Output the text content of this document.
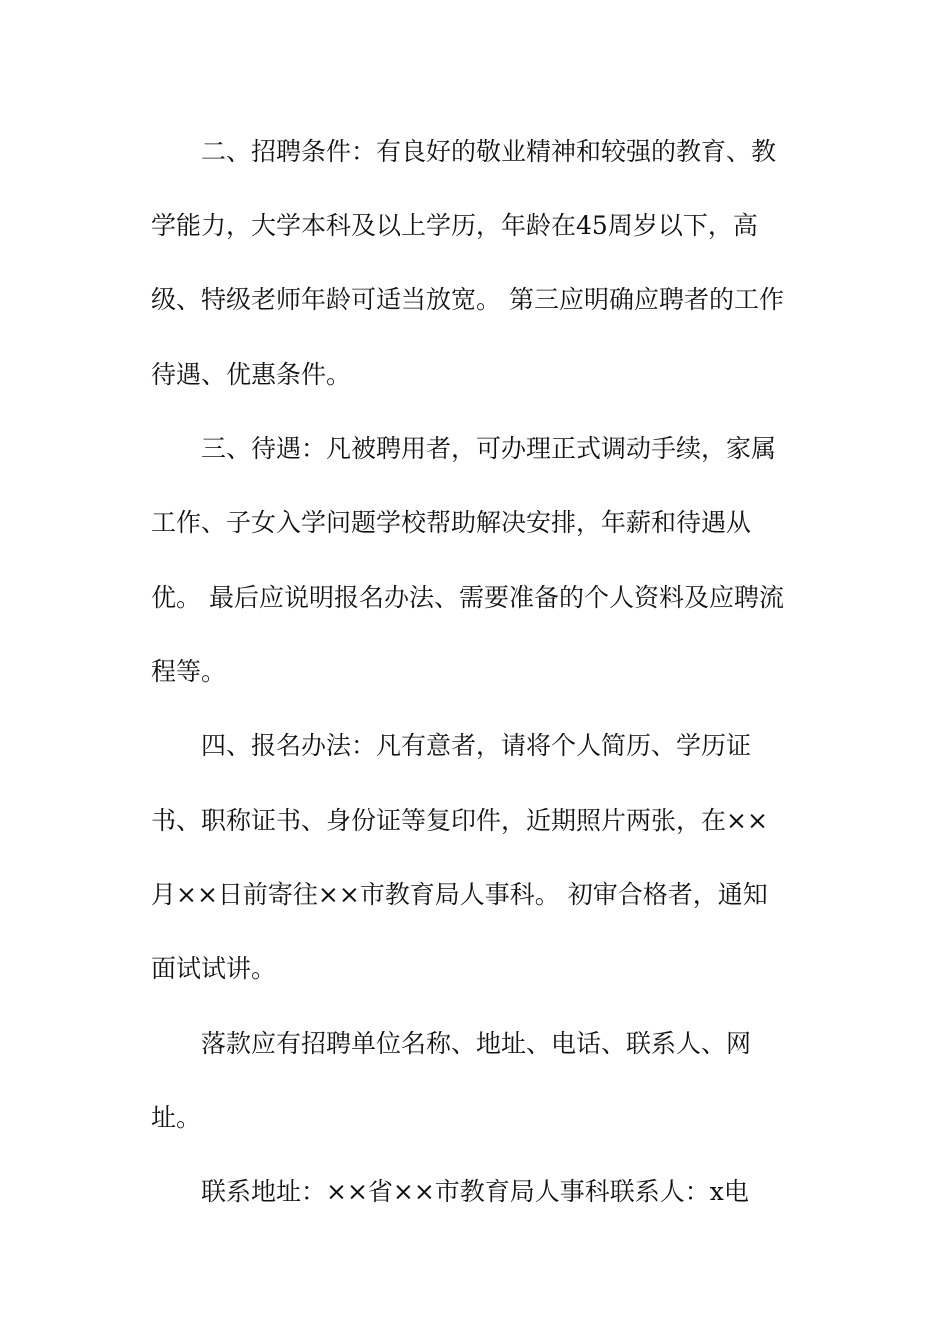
二、招聘条件：有良好的敬业精神和较强的教育、教
学能力，大学本科及以上学历，年龄在45周岁以下，高
级、特级老师年龄可适当放宽。 第三应明确应聘者的工作
待遇、优惠条件。
三、待遇：凡被聘用者，可办理正式调动手续，家属
工作、子女入学问题学校帮助解决安排，年薪和待遇从
优。 最后应说明报名办法、需要准备的个人资料及应聘流
程等。
四、报名办法：凡有意者，请将个人简历、学历证
书、职称证书、身份证等复印件，近期照片两张，在××
月××日前寄往××市教育局人事科。 初审合格者，通知
面试试讲。
落款应有招聘单位名称、地址、电话、联系人、网
址。
联系地址：××省××市教育局人事科联系人：x电
